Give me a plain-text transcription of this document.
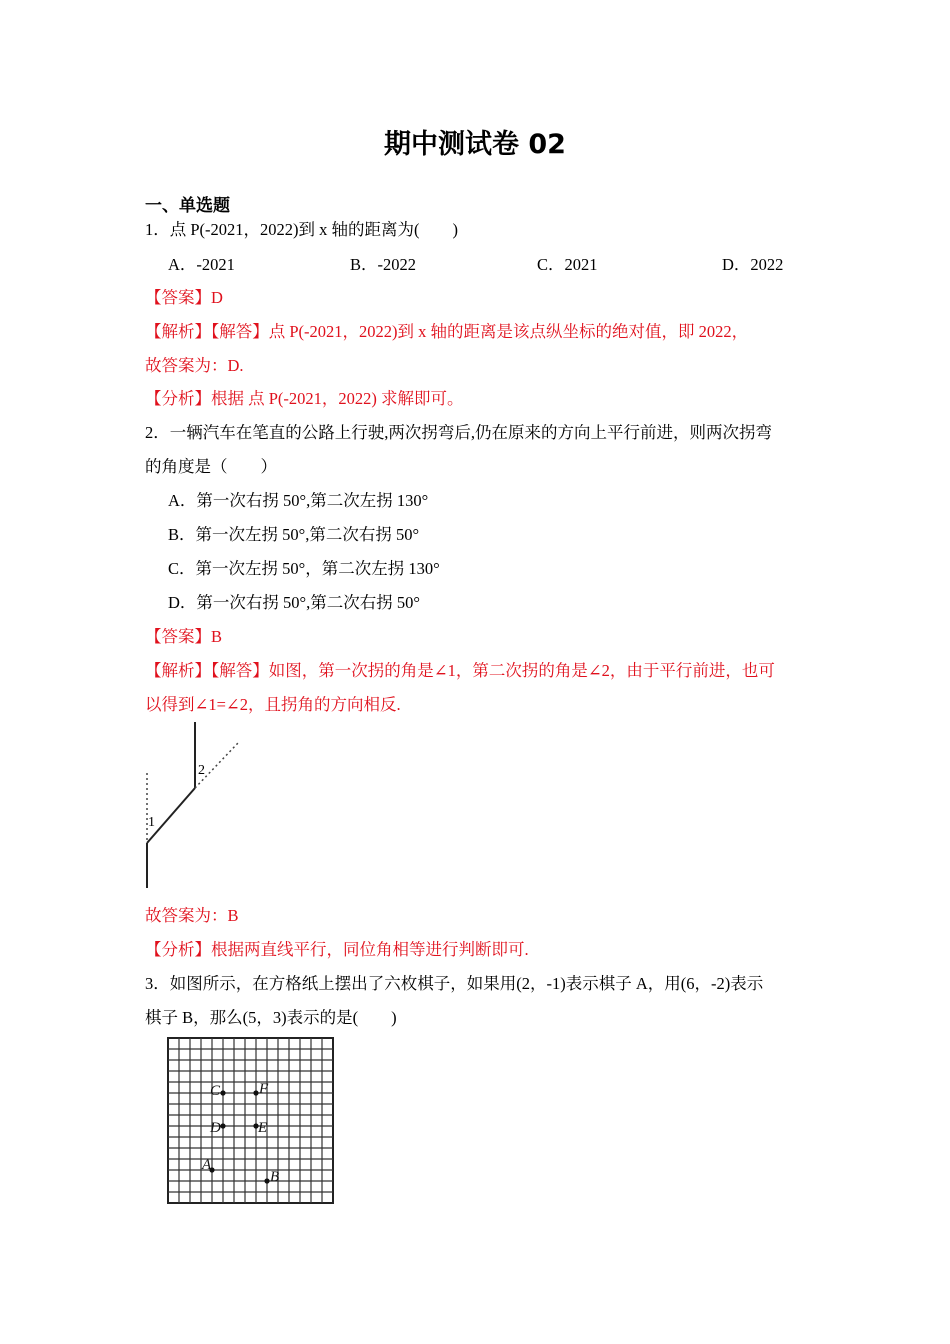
期中测试卷 02
一、单选题
1．点 P(-2021，2022)到 x 轴的距离为(　　)
A．-2021	B．-2022	C．2021	D．2022
【答案】D
【解析】【解答】点 P(-2021，2022)到 x 轴的距离是该点纵坐标的绝对值，即 2022，
故答案为：D.
【分析】根据 点 P(-2021，2022) 求解即可。
2．一辆汽车在笔直的公路上行驶,两次拐弯后,仍在原来的方向上平行前进，则两次拐弯
的角度是（　　）
A．第一次右拐 50°,第二次左拐 130°
B．第一次左拐 50°,第二次右拐 50°
C．第一次左拐 50°，第二次左拐 130°
D．第一次右拐 50°,第二次右拐 50°
【答案】B
【解析】【解答】如图，第一次拐的角是∠1，第二次拐的角是∠2，由于平行前进，也可
以得到∠1=∠2，且拐角的方向相反.
1
2
故答案为：B
【分析】根据两直线平行，同位角相等进行判断即可.
3．如图所示，在方格纸上摆出了六枚棋子，如果用(2，-1)表示棋子 A，用(6，-2)表示
棋子 B，那么(5，3)表示的是(　　)
C	F
D E
A
B
